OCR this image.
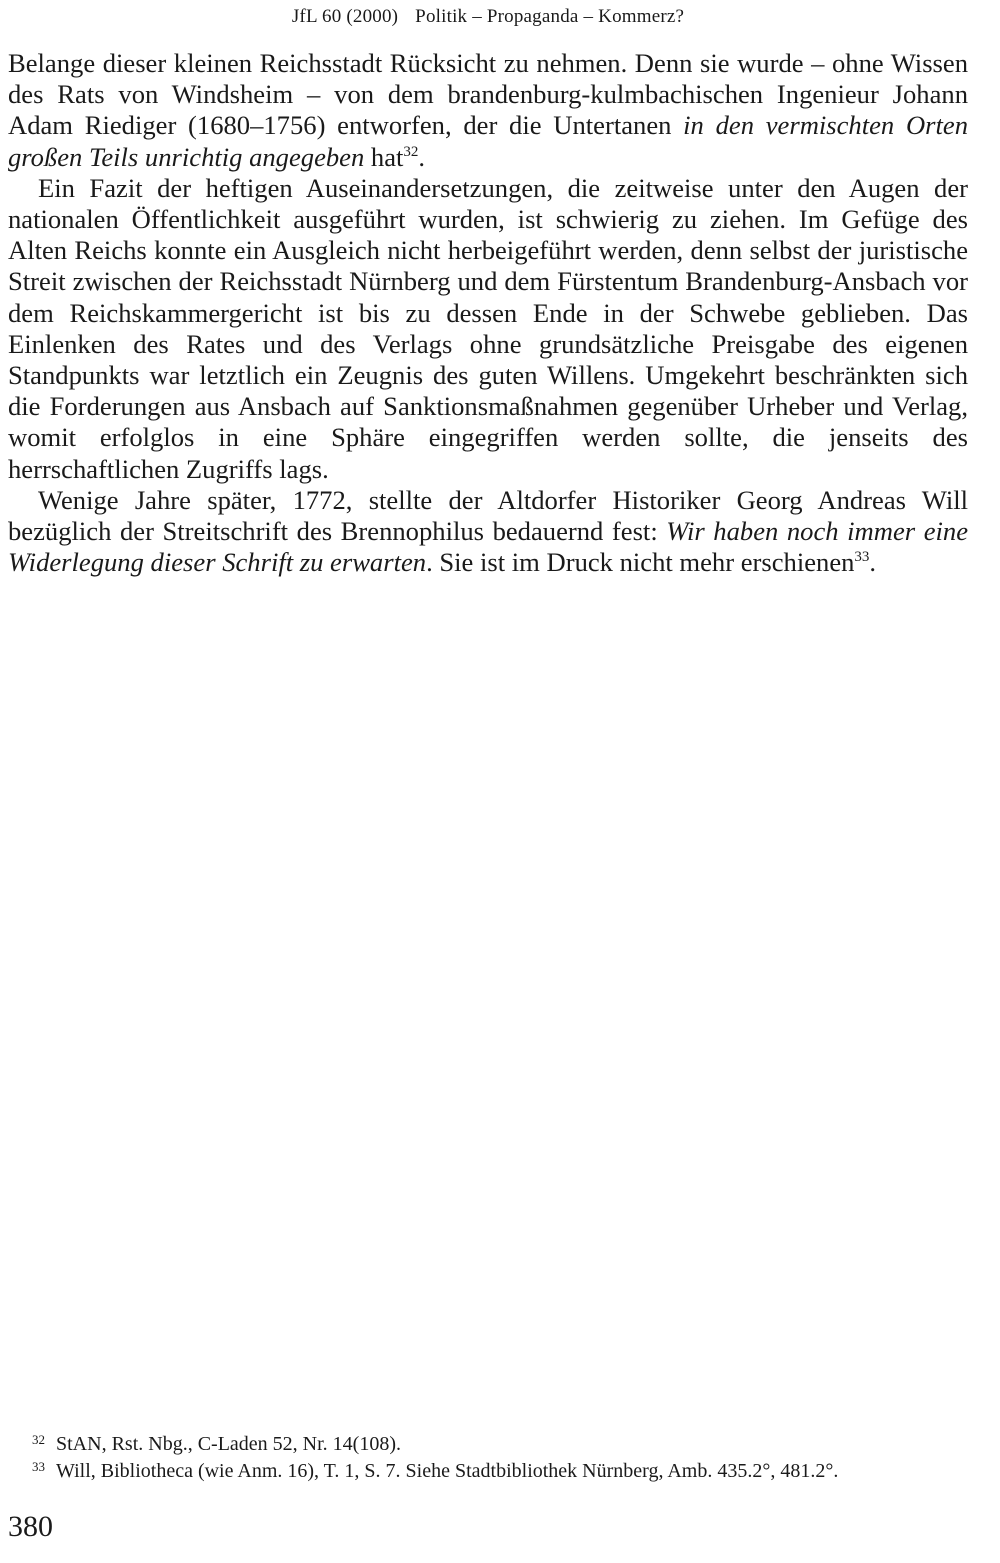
JfL 60 (2000) Politik – Propaganda – Kommerz?

Belange dieser kleinen Reichsstadt Rücksicht zu nehmen. Denn sie wurde – ohne Wissen des Rats von Windsheim – von dem brandenburg-kulmbachischen Ingenieur Johann Adam Riediger (1680–1756) entworfen, der die Untertanen in den vermischten Orten großen Teils unrichtig angegeben hat$^{32}$.

Ein Fazit der heftigen Auseinandersetzungen, die zeitweise unter den Augen der nationalen Öffentlichkeit ausgeführt wurden, ist schwierig zu ziehen. Im Gefüge des Alten Reichs konnte ein Ausgleich nicht herbeigeführt werden, denn selbst der juristische Streit zwischen der Reichsstadt Nürnberg und dem Fürstentum Brandenburg-Ansbach vor dem Reichskammergericht ist bis zu dessen Ende in der Schwebe geblieben. Das Einlenken des Rates und des Verlags ohne grundsätzliche Preisgabe des eigenen Standpunkts war letztlich ein Zeugnis des guten Willens. Umgekehrt beschränkten sich die Forderungen aus Ansbach auf Sanktionsmaßnahmen gegenüber Urheber und Verlag, womit erfolglos in eine Sphäre eingegriffen werden sollte, die jenseits des herrschaftlichen Zugriffs lags.

Wenige Jahre später, 1772, stellte der Altdorfer Historiker Georg Andreas Will bezüglich der Streitschrift des Brennophilus bedauernd fest: Wir haben noch immer eine Widerlegung dieser Schrift zu erwarten. Sie ist im Druck nicht mehr erschienen$^{33}$.

32 StAN, Rst. Nbg., C-Laden 52, Nr. 14(108).
33 Will, Bibliotheca (wie Anm. 16), T. 1, S. 7. Siehe Stadtbibliothek Nürnberg, Amb. 435.2°, 481.2°.
380
